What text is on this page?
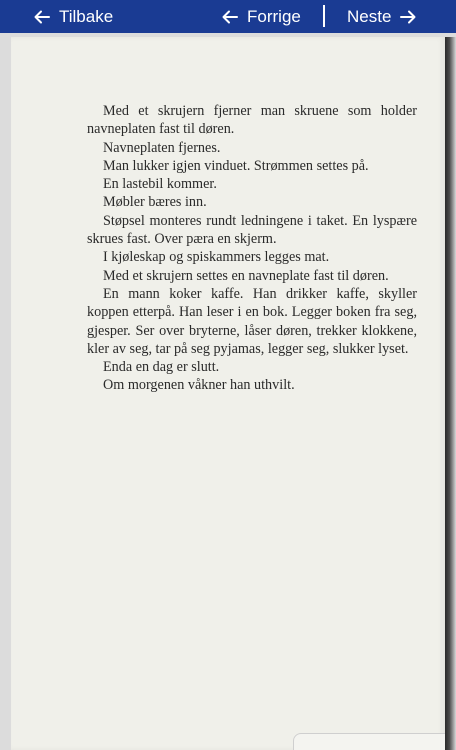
Tilbake	Forrige	Neste

Med et skrujern fjerner man skruene som holder navneplaten fast til døren.

Navneplaten fjernes.

Man lukker igjen vinduet. Strømmen settes på.

En lastebil kommer.

Møbler bæres inn.

Støpsel monteres rundt ledningene i taket. En lyspære skrues fast. Over pæra en skjerm.

I kjøleskap og spiskammers legges mat.

Med et skrujern settes en navneplate fast til døren.

En mann koker kaffe. Han drikker kaffe, skyller koppen etterpå. Han leser i en bok. Legger boken fra seg, gjesper. Ser over bryterne, låser døren, trekker klokkene, kler av seg, tar på seg pyjamas, legger seg, slukker lyset.

Enda en dag er slutt.

Om morgenen våkner han uthvilt.
